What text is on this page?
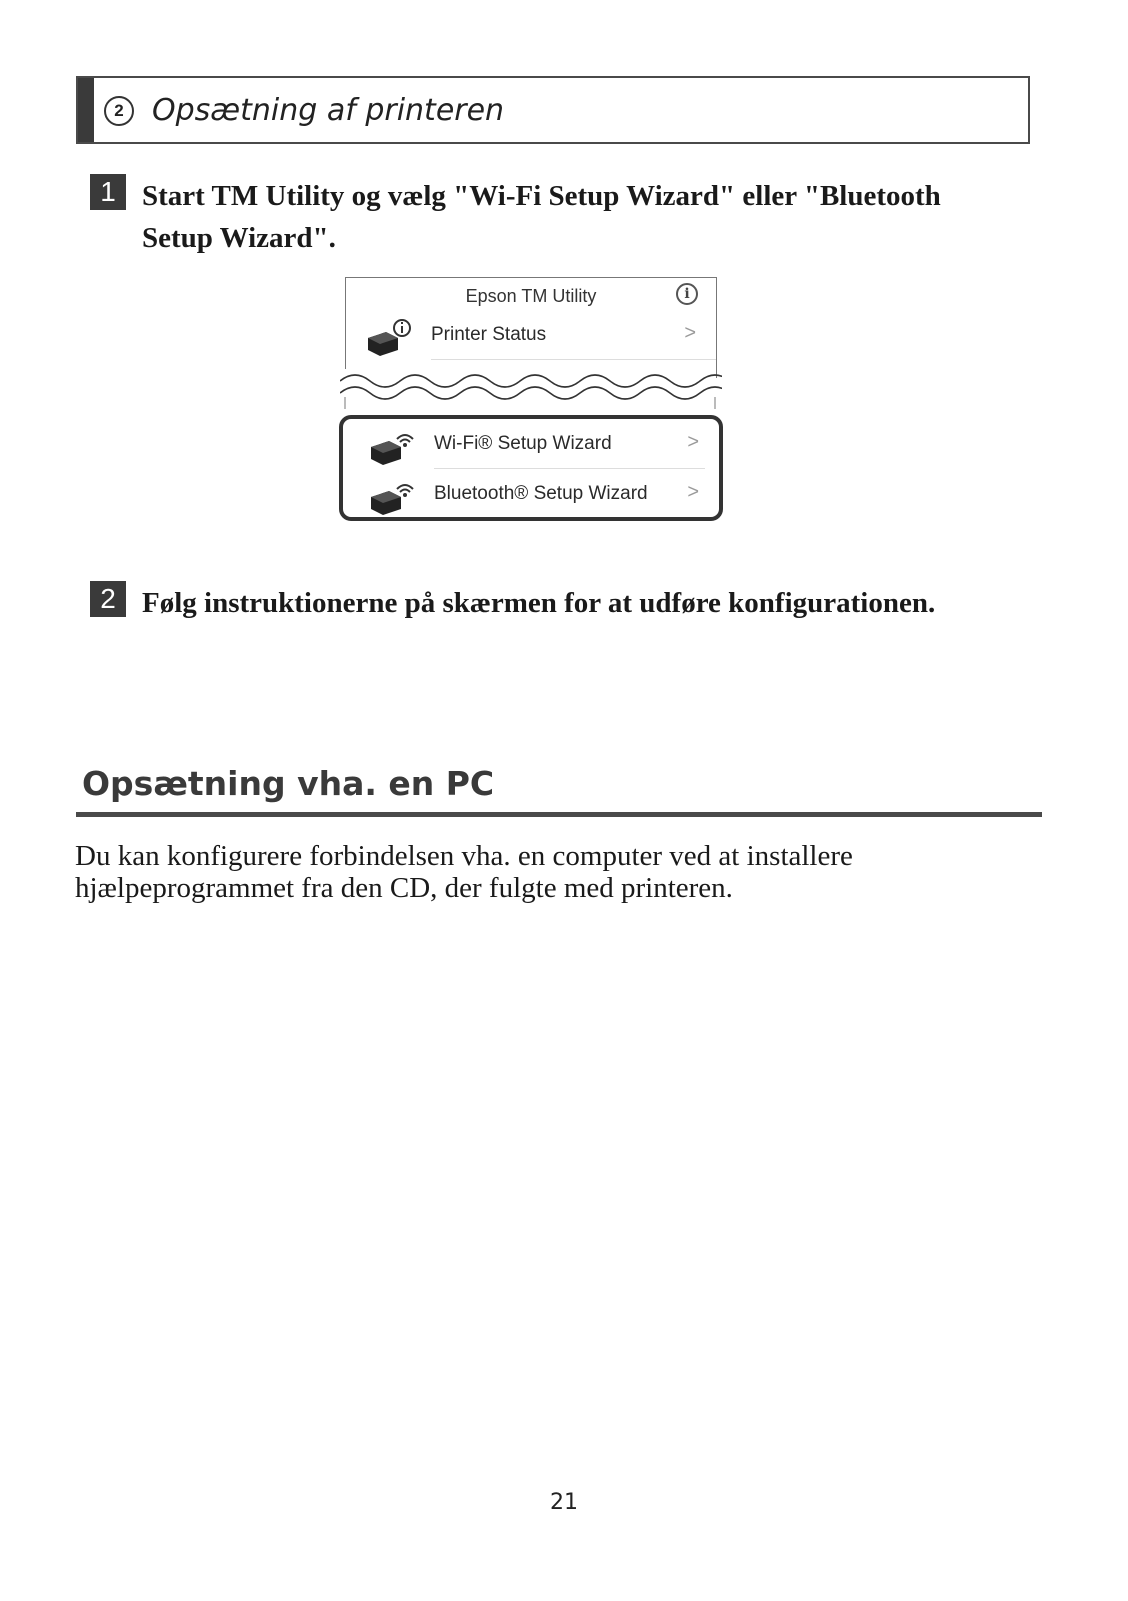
2 Opsætning af printeren
1 Start TM Utility og vælg "Wi-Fi Setup Wizard" eller "Bluetooth
Setup Wizard".
Epson TM Utility	i
Printer Status	>
Wi-Fi® Setup Wizard	>
Bluetooth® Setup Wizard >
2 Følg instruktionerne på skærmen for at udføre konfigurationen.
Opsætning vha. en PC
Du kan konfigurere forbindelsen vha. en computer ved at installere
hjælpeprogrammet fra den CD, der fulgte med printeren.
21
